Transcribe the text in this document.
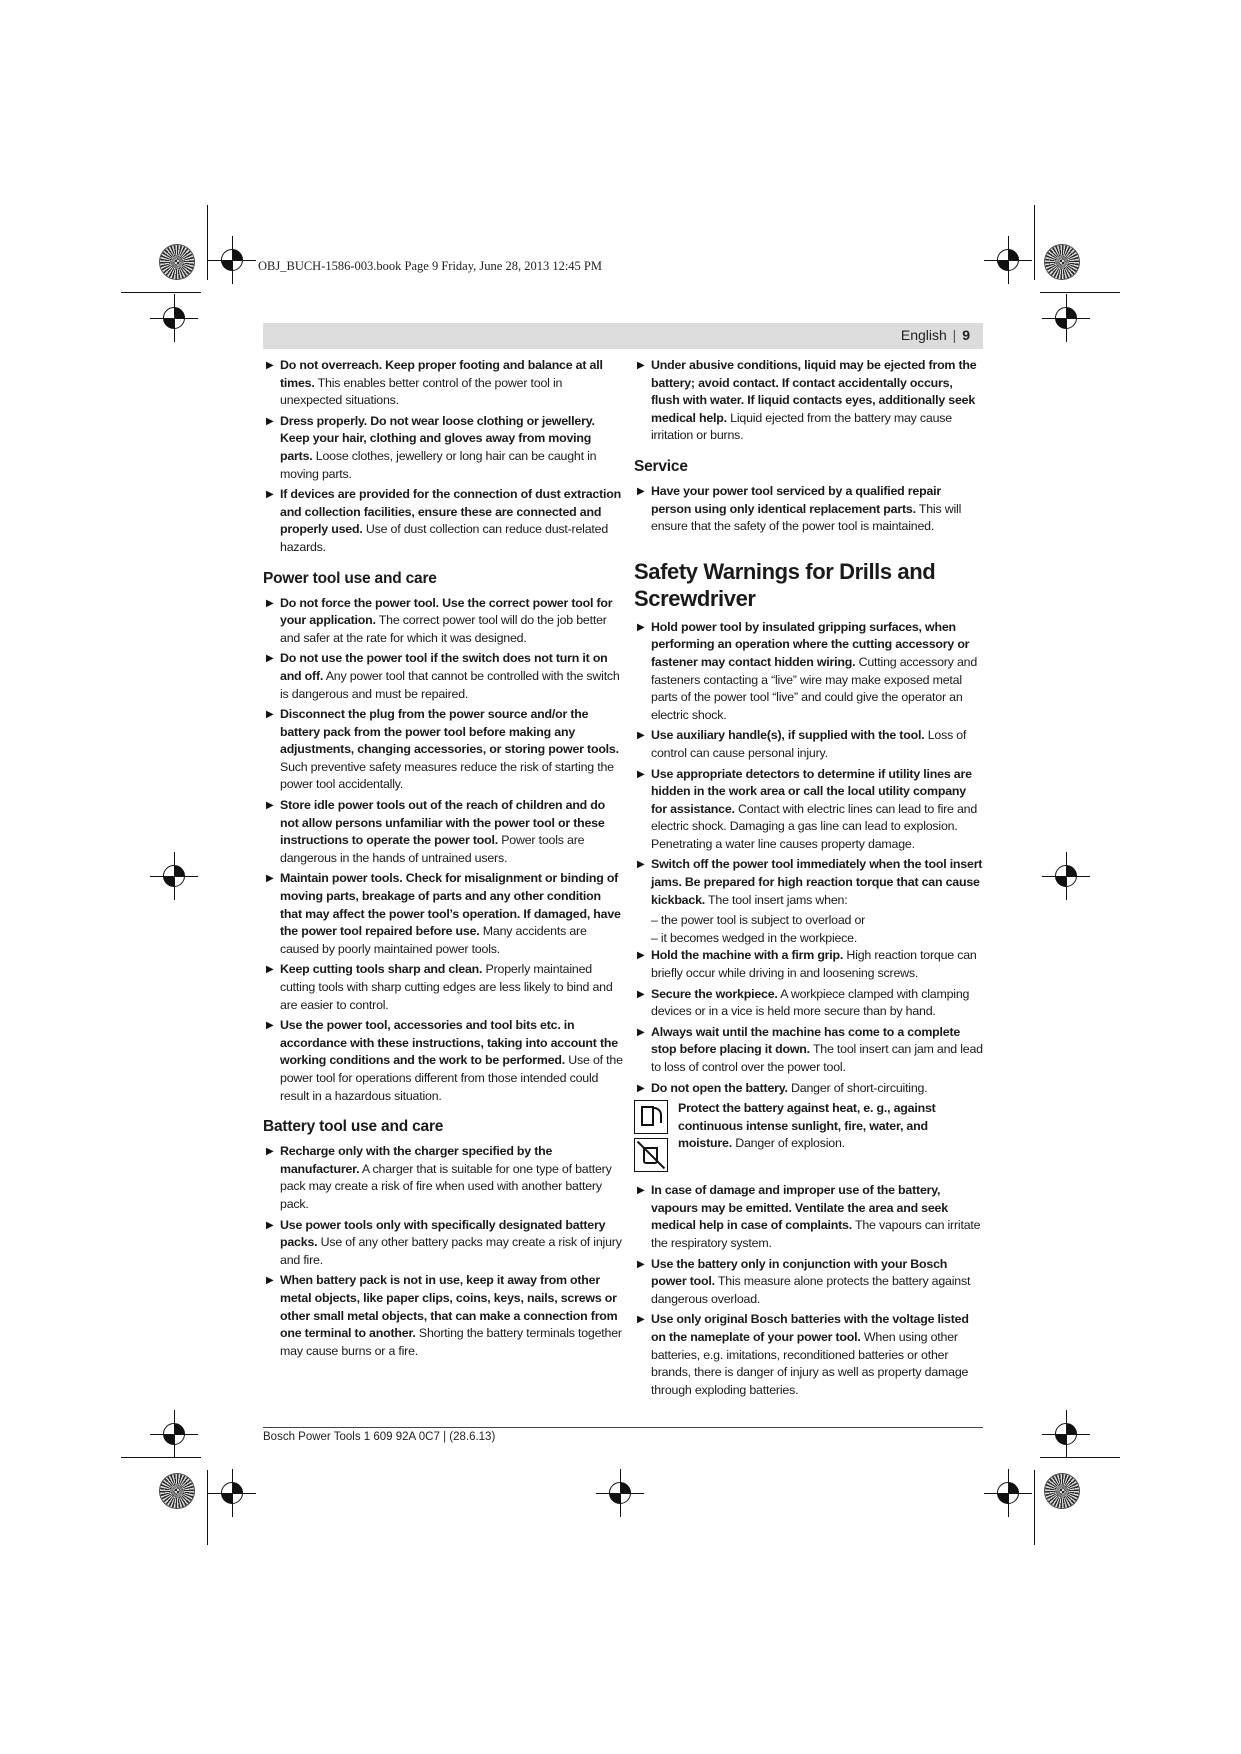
OBJ_BUCH-1586-003.book Page 9 Friday, June 28, 2013 12:45 PM
English | 9
▶ Do not overreach. Keep proper footing and balance at all times. This enables better control of the power tool in unexpected situations.
▶ Dress properly. Do not wear loose clothing or jewellery. Keep your hair, clothing and gloves away from moving parts. Loose clothes, jewellery or long hair can be caught in moving parts.
▶ If devices are provided for the connection of dust extraction and collection facilities, ensure these are connected and properly used. Use of dust collection can reduce dust-related hazards.
Power tool use and care
▶ Do not force the power tool. Use the correct power tool for your application. The correct power tool will do the job better and safer at the rate for which it was designed.
▶ Do not use the power tool if the switch does not turn it on and off. Any power tool that cannot be controlled with the switch is dangerous and must be repaired.
▶ Disconnect the plug from the power source and/or the battery pack from the power tool before making any adjustments, changing accessories, or storing power tools. Such preventive safety measures reduce the risk of starting the power tool accidentally.
▶ Store idle power tools out of the reach of children and do not allow persons unfamiliar with the power tool or these instructions to operate the power tool. Power tools are dangerous in the hands of untrained users.
▶ Maintain power tools. Check for misalignment or binding of moving parts, breakage of parts and any other condition that may affect the power tool’s operation. If damaged, have the power tool repaired before use. Many accidents are caused by poorly maintained power tools.
▶ Keep cutting tools sharp and clean. Properly maintained cutting tools with sharp cutting edges are less likely to bind and are easier to control.
▶ Use the power tool, accessories and tool bits etc. in accordance with these instructions, taking into account the working conditions and the work to be performed. Use of the power tool for operations different from those intended could result in a hazardous situation.
Battery tool use and care
▶ Recharge only with the charger specified by the manufacturer. A charger that is suitable for one type of battery pack may create a risk of fire when used with another battery pack.
▶ Use power tools only with specifically designated battery packs. Use of any other battery packs may create a risk of injury and fire.
▶ When battery pack is not in use, keep it away from other metal objects, like paper clips, coins, keys, nails, screws or other small metal objects, that can make a connection from one terminal to another. Shorting the battery terminals together may cause burns or a fire.
▶ Under abusive conditions, liquid may be ejected from the battery; avoid contact. If contact accidentally occurs, flush with water. If liquid contacts eyes, additionally seek medical help. Liquid ejected from the battery may cause irritation or burns.
Service
▶ Have your power tool serviced by a qualified repair person using only identical replacement parts. This will ensure that the safety of the power tool is maintained.
Safety Warnings for Drills and Screwdriver
▶ Hold power tool by insulated gripping surfaces, when performing an operation where the cutting accessory or fastener may contact hidden wiring. Cutting accessory and fasteners contacting a “live” wire may make exposed metal parts of the power tool “live” and could give the operator an electric shock.
▶ Use auxiliary handle(s), if supplied with the tool. Loss of control can cause personal injury.
▶ Use appropriate detectors to determine if utility lines are hidden in the work area or call the local utility company for assistance. Contact with electric lines can lead to fire and electric shock. Damaging a gas line can lead to explosion. Penetrating a water line causes property damage.
▶ Switch off the power tool immediately when the tool insert jams. Be prepared for high reaction torque that can cause kickback. The tool insert jams when:
– the power tool is subject to overload or
– it becomes wedged in the workpiece.
▶ Hold the machine with a firm grip. High reaction torque can briefly occur while driving in and loosening screws.
▶ Secure the workpiece. A workpiece clamped with clamping devices or in a vice is held more secure than by hand.
▶ Always wait until the machine has come to a complete stop before placing it down. The tool insert can jam and lead to loss of control over the power tool.
▶ Do not open the battery. Danger of short-circuiting.
Protect the battery against heat, e. g., against continuous intense sunlight, fire, water, and moisture. Danger of explosion.
▶ In case of damage and improper use of the battery, vapours may be emitted. Ventilate the area and seek medical help in case of complaints. The vapours can irritate the respiratory system.
▶ Use the battery only in conjunction with your Bosch power tool. This measure alone protects the battery against dangerous overload.
▶ Use only original Bosch batteries with the voltage listed on the nameplate of your power tool. When using other batteries, e.g. imitations, reconditioned batteries or other brands, there is danger of injury as well as property damage through exploding batteries.
Bosch Power Tools 1 609 92A 0C7 | (28.6.13)
